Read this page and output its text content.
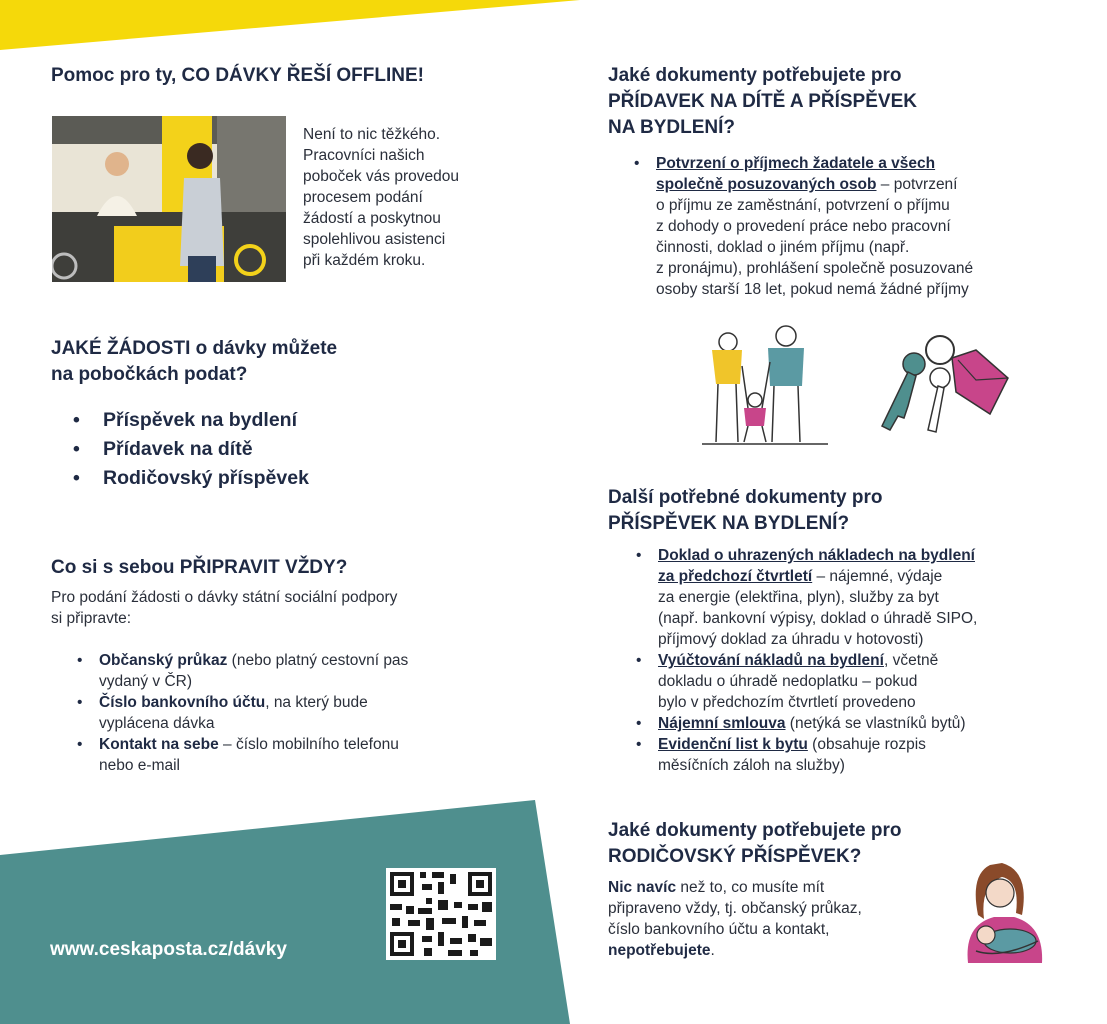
Pomoc pro ty, CO DÁVKY ŘEŠÍ OFFLINE!
Není to nic těžkého.
Pracovníci našich
poboček vás provedou
procesem podání
žádostí a poskytnou
spolehlivou asistenci
při každém kroku.
JAKÉ ŽÁDOSTI o dávky můžete
na pobočkách podat?
• Příspěvek na bydlení
• Přídavek na dítě
• Rodičovský příspěvek
Co si s sebou PŘIPRAVIT VŽDY?
Pro podání žádosti o dávky státní sociální podpory
si připravte:
• Občanský průkaz (nebo platný cestovní pas
vydaný v ČR)
• Číslo bankovního účtu, na který bude
vyplácena dávka
• Kontakt na sebe – číslo mobilního telefonu
nebo e-mail
www.ceskaposta.cz/dávky
Jaké dokumenty potřebujete pro
PŘÍDAVEK NA DÍTĚ A PŘÍSPĚVEK
NA BYDLENÍ?
• Potvrzení o příjmech žadatele a všech
společně posuzovaných osob – potvrzení
o příjmu ze zaměstnání, potvrzení o příjmu
z dohody o provedení práce nebo pracovní
činnosti, doklad o jiném příjmu (např.
z pronájmu), prohlášení společně posuzované
osoby starší 18 let, pokud nemá žádné příjmy
Další potřebné dokumenty pro
PŘÍSPĚVEK NA BYDLENÍ?
• Doklad o uhrazených nákladech na bydlení
za předchozí čtvrtletí – nájemné, výdaje
za energie (elektřina, plyn), služby za byt
(např. bankovní výpisy, doklad o úhradě SIPO,
příjmový doklad za úhradu v hotovosti)
• Vyúčtování nákladů na bydlení, včetně
dokladu o úhradě nedoplatku – pokud
bylo v předchozím čtvrtletí provedeno
• Nájemní smlouva (netýká se vlastníků bytů)
• Evidenční list k bytu (obsahuje rozpis
měsíčních záloh na služby)
Jaké dokumenty potřebujete pro
RODIČOVSKÝ PŘÍSPĚVEK?
Nic navíc než to, co musíte mít
připraveno vždy, tj. občanský průkaz,
číslo bankovního účtu a kontakt,
nepotřebujete.
